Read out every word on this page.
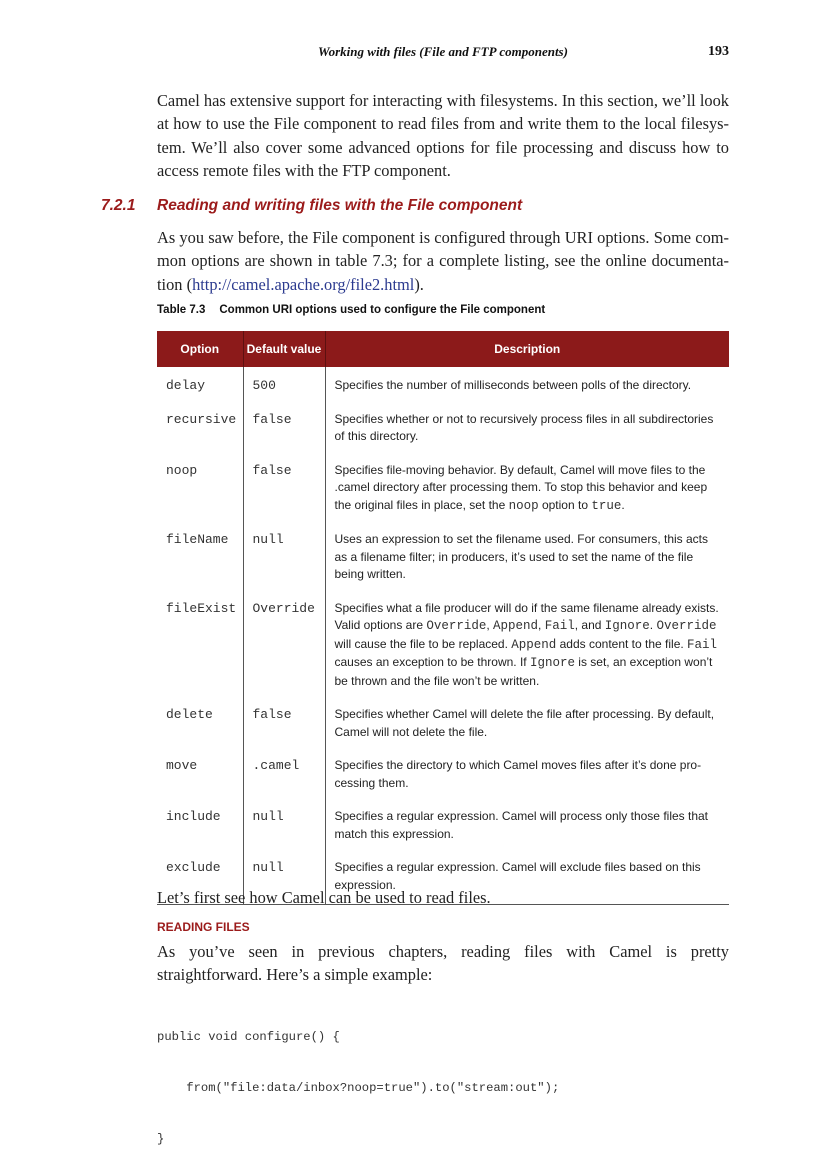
Working with files (File and FTP components)	193
Camel has extensive support for interacting with filesystems. In this section, we’ll look at how to use the File component to read files from and write them to the local filesys-tem. We’ll also cover some advanced options for file processing and discuss how to access remote files with the FTP component.
7.2.1 Reading and writing files with the File component
As you saw before, the File component is configured through URI options. Some com-mon options are shown in table 7.3; for a complete listing, see the online documenta-tion (http://camel.apache.org/file2.html).
Table 7.3 Common URI options used to configure the File component
Option	Default value	Description
delay	500	Specifies the number of milliseconds between polls of the directory.
recursive	false	Specifies whether or not to recursively process files in all subdirectories of this directory.
noop	false	Specifies file-moving behavior. By default, Camel will move files to the .camel directory after processing them. To stop this behavior and keep the original files in place, set the noop option to true.
fileName	null	Uses an expression to set the filename used. For consumers, this acts as a filename filter; in producers, it’s used to set the name of the file being written.
fileExist	Override	Specifies what a file producer will do if the same filename already exists. Valid options are Override, Append, Fail, and Ignore. Override will cause the file to be replaced. Append adds content to the file. Fail causes an exception to be thrown. If Ignore is set, an exception won’t be thrown and the file won’t be written.
delete	false	Specifies whether Camel will delete the file after processing. By default, Camel will not delete the file.
move	.camel	Specifies the directory to which Camel moves files after it’s done pro-cessing them.
include	null	Specifies a regular expression. Camel will process only those files that match this expression.
exclude	null	Specifies a regular expression. Camel will exclude files based on this expression.
Let’s first see how Camel can be used to read files.
READING FILES
As you’ve seen in previous chapters, reading files with Camel is pretty straightforward. Here’s a simple example:

public void configure() {

from("file:data/inbox?noop=true").to("stream:out");

}
